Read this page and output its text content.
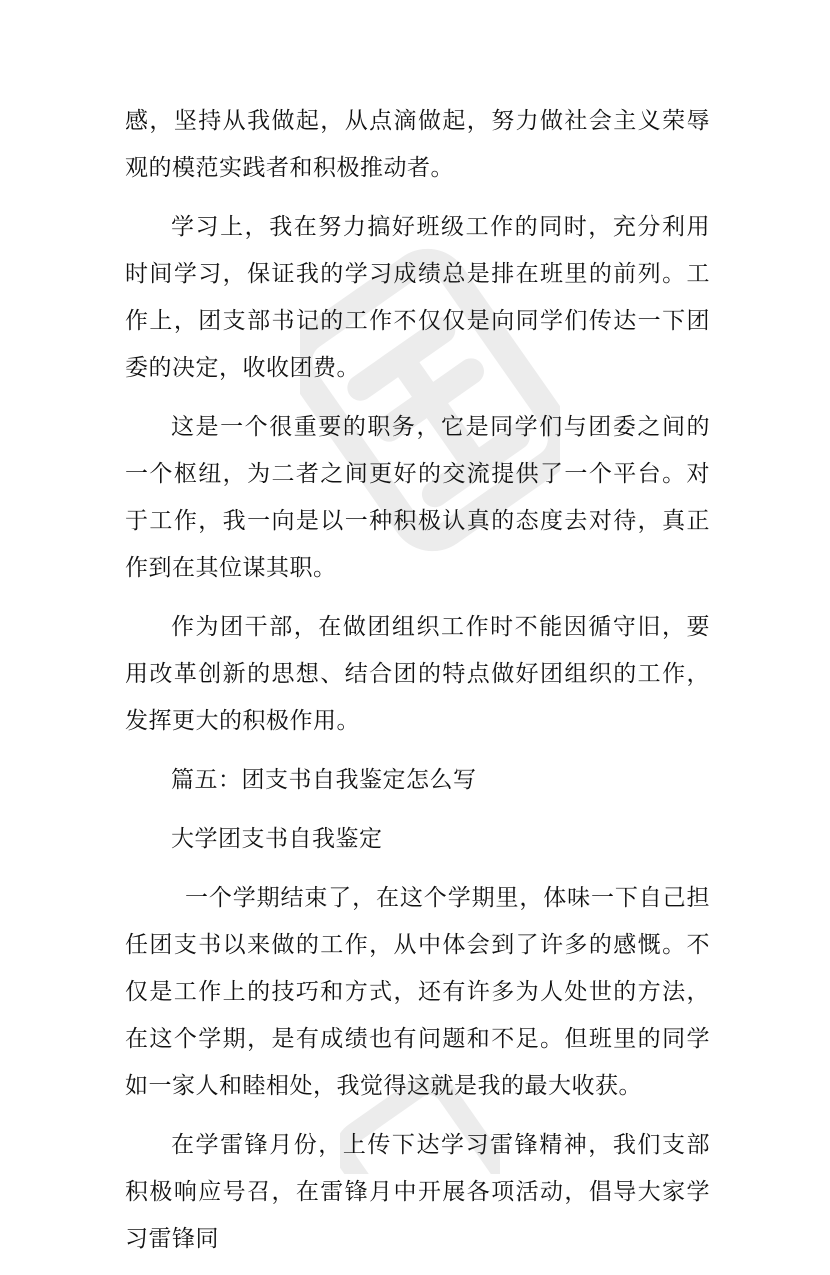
感，坚持从我做起，从点滴做起，努力做社会主义荣辱观的模范实践者和积极推动者。

学习上，我在努力搞好班级工作的同时，充分利用时间学习，保证我的学习成绩总是排在班里的前列。工作上，团支部书记的工作不仅仅是向同学们传达一下团委的决定，收收团费。

这是一个很重要的职务，它是同学们与团委之间的一个枢纽，为二者之间更好的交流提供了一个平台。对于工作，我一向是以一种积极认真的态度去对待，真正作到在其位谋其职。

作为团干部，在做团组织工作时不能因循守旧，要用改革创新的思想、结合团的特点做好团组织的工作，发挥更大的积极作用。

篇五：团支书自我鉴定怎么写

大学团支书自我鉴定

一个学期结束了，在这个学期里，体味一下自己担任团支书以来做的工作，从中体会到了许多的感慨。不仅是工作上的技巧和方式，还有许多为人处世的方法，在这个学期，是有成绩也有问题和不足。但班里的同学如一家人和睦相处，我觉得这就是我的最大收获。

在学雷锋月份，上传下达学习雷锋精神，我们支部积极响应号召，在雷锋月中开展各项活动，倡导大家学习雷锋同
